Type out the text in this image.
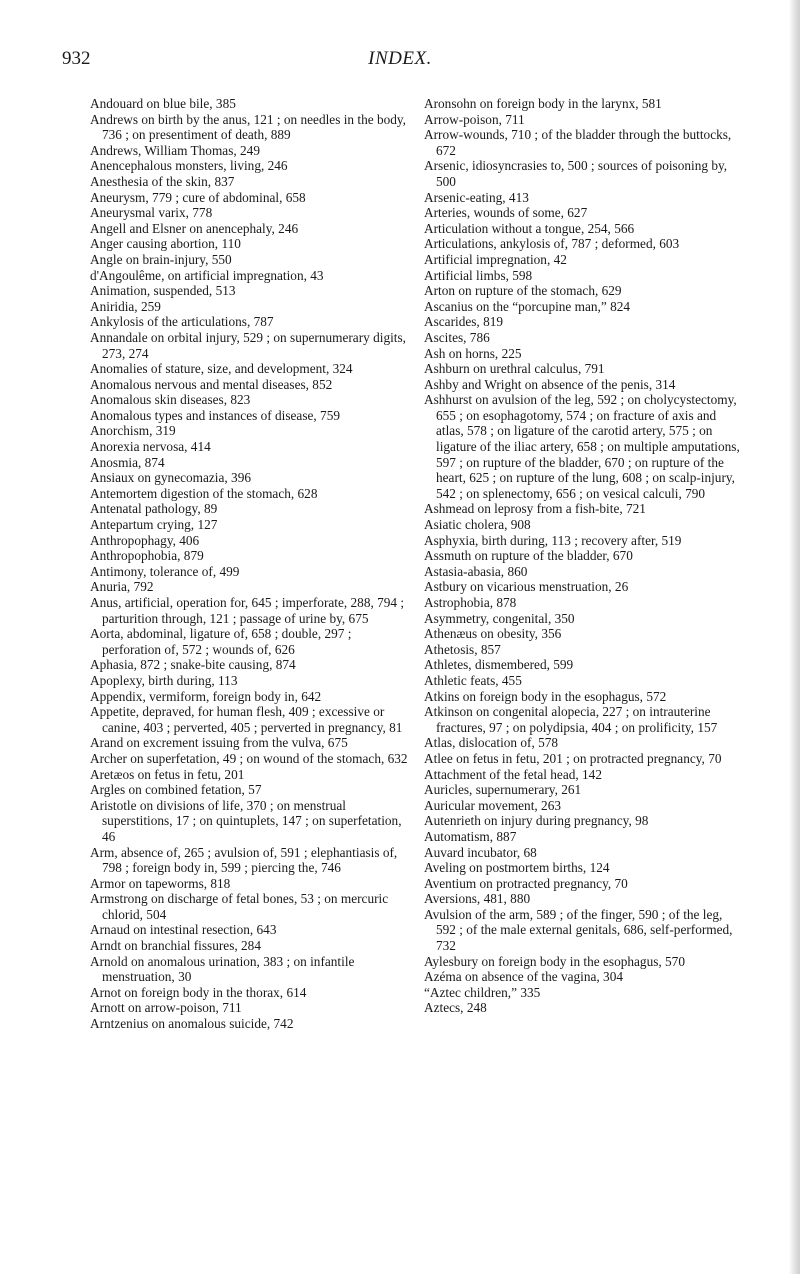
932	INDEX.

Andouard on blue bile, 385

Andrews on birth by the anus, 121 ; on needles in the body, 736 ; on presentiment of death, 889

Andrews, William Thomas, 249

Anencephalous monsters, living, 246

Anesthesia of the skin, 837

Aneurysm, 779 ; cure of abdominal, 658

Aneurysmal varix, 778

Angell and Elsner on anencephaly, 246

Anger causing abortion, 110

Angle on brain-injury, 550

d'Angoulême, on artificial impregnation, 43

Animation, suspended, 513

Aniridia, 259

Ankylosis of the articulations, 787

Annandale on orbital injury, 529 ; on supernumerary digits, 273, 274

Anomalies of stature, size, and development, 324

Anomalous nervous and mental diseases, 852

Anomalous skin diseases, 823

Anomalous types and instances of disease, 759

Anorchism, 319

Anorexia nervosa, 414

Anosmia, 874

Ansiaux on gynecomazia, 396

Antemortem digestion of the stomach, 628

Antenatal pathology, 89

Antepartum crying, 127

Anthropophagy, 406

Anthropophobia, 879

Antimony, tolerance of, 499

Anuria, 792

Anus, artificial, operation for, 645 ; imperforate, 288, 794 ; parturition through, 121 ; passage of urine by, 675

Aorta, abdominal, ligature of, 658 ; double, 297 ; perforation of, 572 ; wounds of, 626

Aphasia, 872 ; snake-bite causing, 874

Apoplexy, birth during, 113

Appendix, vermiform, foreign body in, 642

Appetite, depraved, for human flesh, 409 ; excessive or canine, 403 ; perverted, 405 ; perverted in pregnancy, 81

Arand on excrement issuing from the vulva, 675

Archer on superfetation, 49 ; on wound of the stomach, 632

Aretæos on fetus in fetu, 201

Argles on combined fetation, 57

Aristotle on divisions of life, 370 ; on menstrual superstitions, 17 ; on quintuplets, 147 ; on superfetation, 46

Arm, absence of, 265 ; avulsion of, 591 ; elephantiasis of, 798 ; foreign body in, 599 ; piercing the, 746

Armor on tapeworms, 818

Armstrong on discharge of fetal bones, 53 ; on mercuric chlorid, 504

Arnaud on intestinal resection, 643

Arndt on branchial fissures, 284

Arnold on anomalous urination, 383 ; on infantile menstruation, 30

Arnot on foreign body in the thorax, 614

Arnott on arrow-poison, 711

Arntzenius on anomalous suicide, 742

Aronsohn on foreign body in the larynx, 581

Arrow-poison, 711

Arrow-wounds, 710 ; of the bladder through the buttocks, 672

Arsenic, idiosyncrasies to, 500 ; sources of poisoning by, 500

Arsenic-eating, 413

Arteries, wounds of some, 627

Articulation without a tongue, 254, 566

Articulations, ankylosis of, 787 ; deformed, 603

Artificial impregnation, 42

Artificial limbs, 598

Arton on rupture of the stomach, 629

Ascanius on the “porcupine man,” 824

Ascarides, 819

Ascites, 786

Ash on horns, 225

Ashburn on urethral calculus, 791

Ashby and Wright on absence of the penis, 314

Ashhurst on avulsion of the leg, 592 ; on cholycystectomy, 655 ; on esophagotomy, 574 ; on fracture of axis and atlas, 578 ; on ligature of the carotid artery, 575 ; on ligature of the iliac artery, 658 ; on multiple amputations, 597 ; on rupture of the bladder, 670 ; on rupture of the heart, 625 ; on rupture of the lung, 608 ; on scalp-injury, 542 ; on splenectomy, 656 ; on vesical calculi, 790

Ashmead on leprosy from a fish-bite, 721

Asiatic cholera, 908

Asphyxia, birth during, 113 ; recovery after, 519

Assmuth on rupture of the bladder, 670

Astasia-abasia, 860

Astbury on vicarious menstruation, 26

Astrophobia, 878

Asymmetry, congenital, 350

Athenæus on obesity, 356

Athetosis, 857

Athletes, dismembered, 599

Athletic feats, 455

Atkins on foreign body in the esophagus, 572

Atkinson on congenital alopecia, 227 ; on intrauterine fractures, 97 ; on polydipsia, 404 ; on prolificity, 157

Atlas, dislocation of, 578

Atlee on fetus in fetu, 201 ; on protracted pregnancy, 70

Attachment of the fetal head, 142

Auricles, supernumerary, 261

Auricular movement, 263

Autenrieth on injury during pregnancy, 98

Automatism, 887

Auvard incubator, 68

Aveling on postmortem births, 124

Aventium on protracted pregnancy, 70

Aversions, 481, 880

Avulsion of the arm, 589 ; of the finger, 590 ; of the leg, 592 ; of the male external genitals, 686, self-performed, 732

Aylesbury on foreign body in the esophagus, 570

Azéma on absence of the vagina, 304

“Aztec children,” 335

Aztecs, 248
